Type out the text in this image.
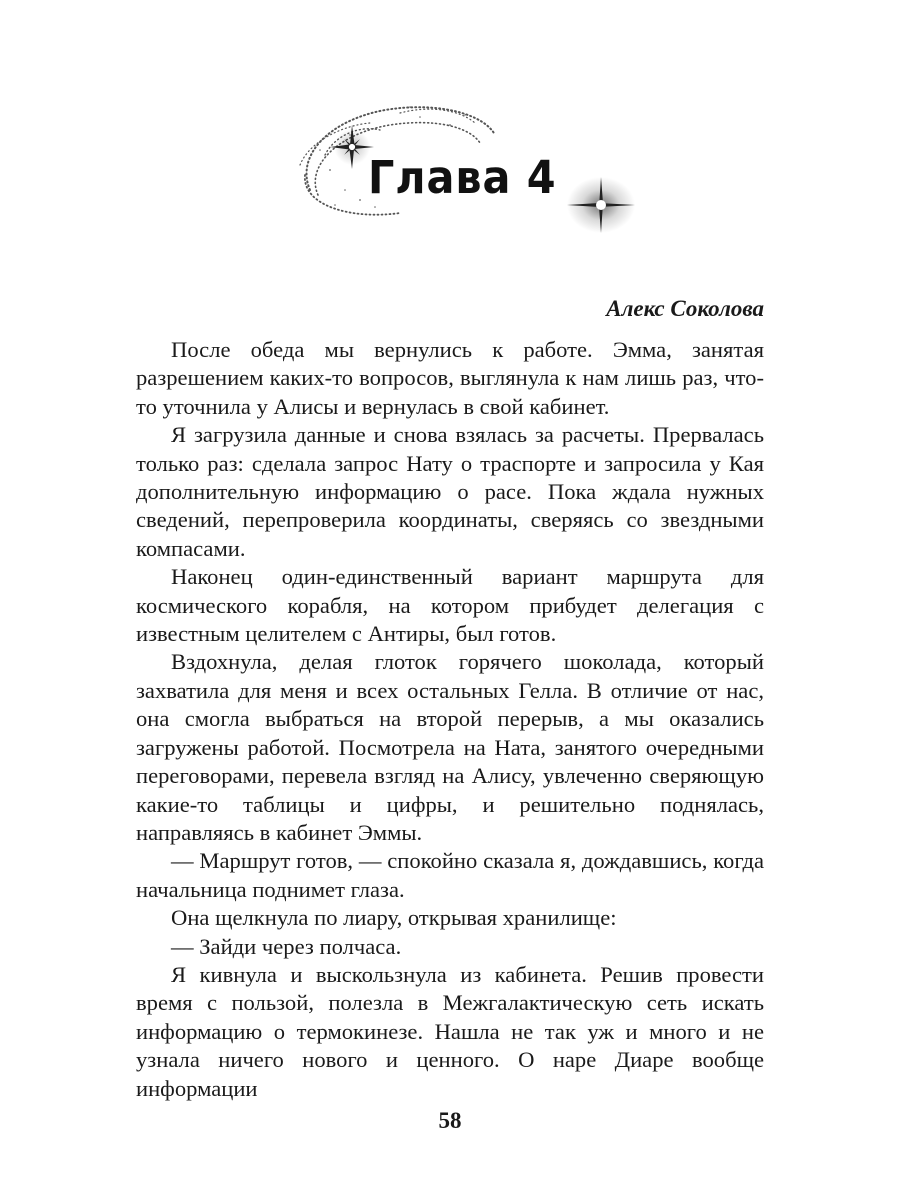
Глава 4
Алекс Соколова

После обеда мы вернулись к работе. Эмма, занятая разрешением каких-то вопросов, выглянула к нам лишь раз, что-то уточнила у Алисы и вернулась в свой кабинет.

Я загрузила данные и снова взялась за расчеты. Прервалась только раз: сделала запрос Нату о траспорте и запросила у Кая дополнительную информацию о расе. Пока ждала нужных сведений, перепроверила координаты, сверяясь со звездными компасами.

Наконец один-единственный вариант маршрута для космического корабля, на котором прибудет делегация с известным целителем с Антиры, был готов.

Вздохнула, делая глоток горячего шоколада, который захватила для меня и всех остальных Гелла. В отличие от нас, она смогла выбраться на второй перерыв, а мы оказались загружены работой. Посмотрела на Ната, занятого очередными переговорами, перевела взгляд на Алису, увлеченно сверяющую какие-то таблицы и цифры, и решительно поднялась, направляясь в кабинет Эммы.

— Маршрут готов, — спокойно сказала я, дождавшись, когда начальница поднимет глаза.

Она щелкнула по лиару, открывая хранилище:

— Зайди через полчаса.

Я кивнула и выскользнула из кабинета. Решив провести время с пользой, полезла в Межгалактическую сеть искать информацию о термокинезе. Нашла не так уж и много и не узнала ничего нового и ценного. О наре Диаре вообще информации

58
